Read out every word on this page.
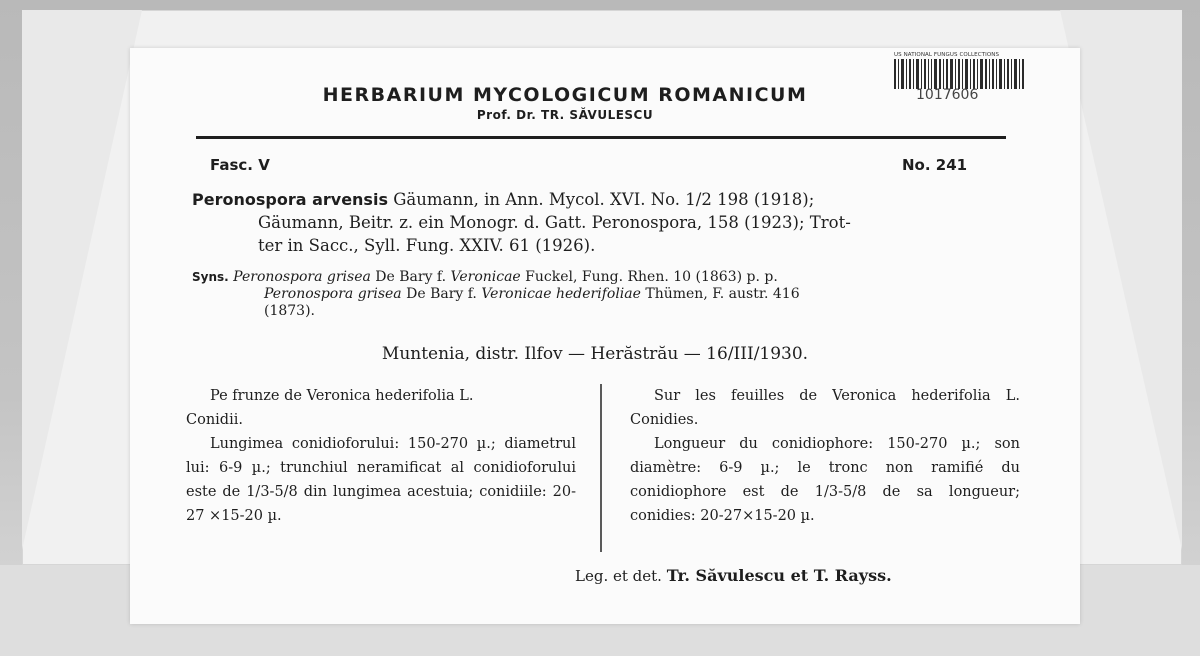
HERBARIUM MYCOLOGICUM ROMANICUM
Prof. Dr. TR. SĂVULESCU
US NATIONAL FUNGUS COLLECTIONS
1017606
Fasc. V	No. 241
Peronospora arvensis Gäumann, in Ann. Mycol. XVI. No. 1/2 198 (1918);
Gäumann, Beitr. z. ein Monogr. d. Gatt. Peronospora, 158 (1923); Trot-
ter in Sacc., Syll. Fung. XXIV. 61 (1926).
Syns. Peronospora grisea De Bary f. Veronicae Fuckel, Fung. Rhen. 10 (1863) p. p.
Peronospora grisea De Bary f. Veronicae hederifoliae Thümen, F. austr. 416
(1873).
Muntenia, distr. Ilfov — Herăstrău — 16/III/1930.

Pe frunze de Veronica hederifolia L.

Conidii.

Lungimea conidioforului: 150-270 µ.; diametrul lui: 6-9 µ.; trunchiul neramificat al conidioforului este de 1/3-5/8 din lungimea acestuia; conidiile: 20-27 ×15-20 µ.

Sur les feuilles de Veronica hederifolia L. Conidies.

Longueur du conidiophore: 150-270 µ.; son diamètre: 6-9 µ.; le tronc non ramifié du conidiophore est de 1/3-5/8 de sa longueur; conidies: 20-27×15-20 µ.

Leg. et det. Tr. Săvulescu et T. Rayss.
